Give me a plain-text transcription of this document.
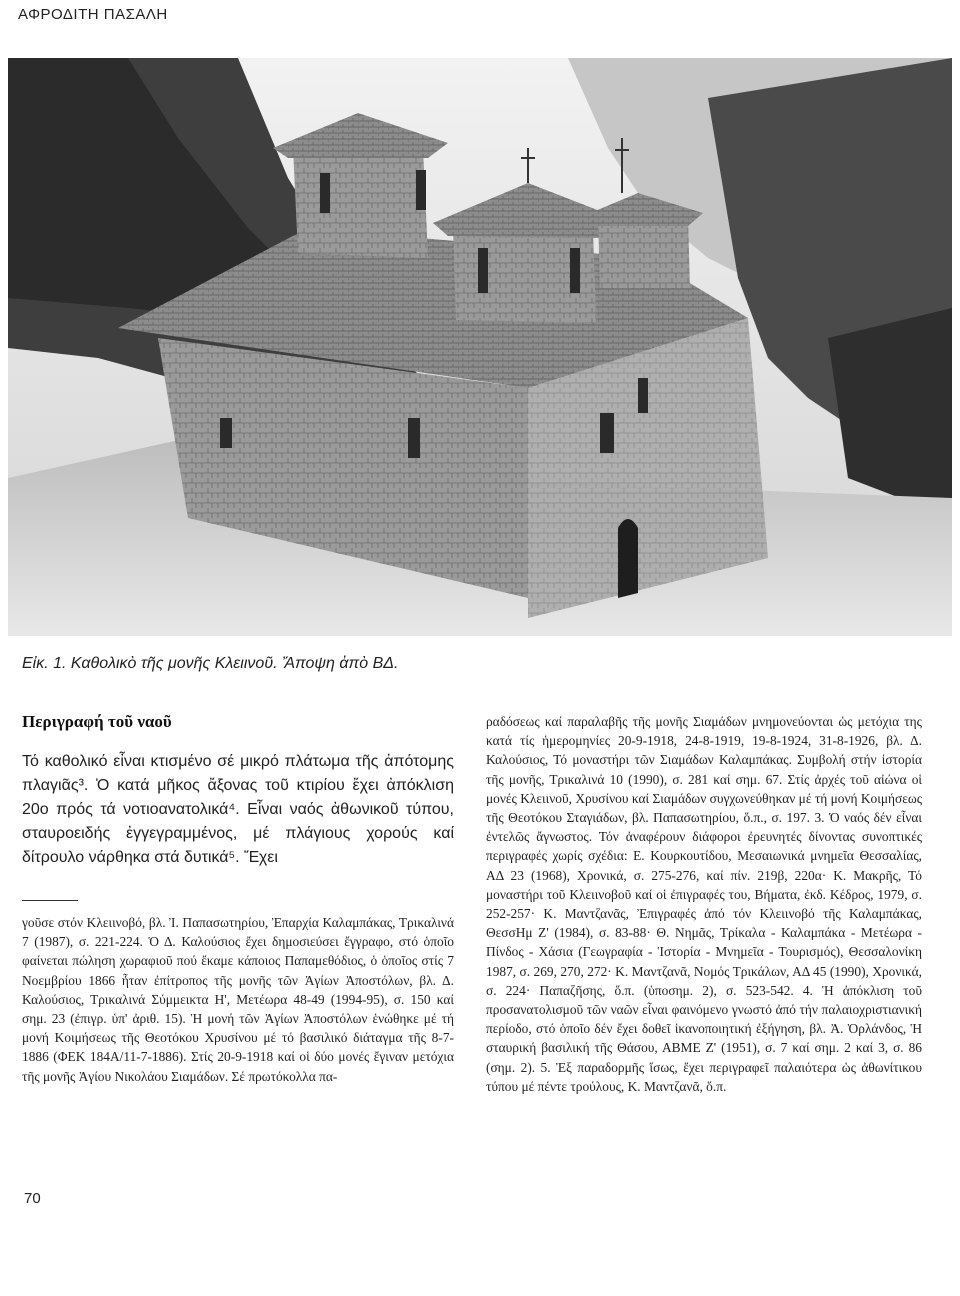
ΑΦΡΟΔΙΤΗ ΠΑΣΑΛΗ
Εἰκ. 1. Καθολικὸ τῆς μονῆς Κλειινοῦ. Ἄποψη ἀπὸ ΒΔ.
Περιγραφή τοῦ ναοῦ

Τό καθολικό εἶναι κτισμένο σέ μικρό πλάτωμα τῆς ἀπότομης πλαγιᾶς³. Ὁ κατά μῆκος ἄξονας τοῦ κτιρίου ἔχει ἀπόκλιση 20ο πρός τά νοτιοανατολικά⁴. Εἶναι ναός ἀθωνικοῦ τύπου, σταυροειδής ἐγγεγραμμένος, μέ πλάγιους χορούς καί δίτρουλο νάρθηκα στά δυτικά⁵. Ἔχει

γοῦσε στόν Κλειινοβό, βλ. Ἰ. Παπασωτηρίου, Ἐπαρχία Καλαμπάκας, Τρικαλινά 7 (1987), σ. 221-224. Ὁ Δ. Καλούσιος ἔχει δημοσιεύσει ἔγγραφο, στό ὁποῖο φαίνεται πώληση χωραφιοῦ πού ἔκαμε κάποιος Παπαμεθόδιος, ὁ ὁποῖος στίς 7 Νοεμβρίου 1866 ἦταν ἐπίτροπος τῆς μονῆς τῶν Ἁγίων Ἀποστόλων, βλ. Δ. Καλούσιος, Τρικαλινά Σύμμεικτα Η', Μετέωρα 48-49 (1994-95), σ. 150 καί σημ. 23 (ἐπιγρ. ὑπ' ἀριθ. 15). Ἡ μονή τῶν Ἁγίων Ἀποστόλων ἑνώθηκε μέ τή μονή Κοιμήσεως τῆς Θεοτόκου Χρυσίνου μέ τό βασιλικό διάταγμα τῆς 8-7-1886 (ΦΕΚ 184Α/11-7-1886). Στίς 20-9-1918 καί οἱ δύο μονές ἔγιναν μετόχια τῆς μονῆς Ἁγίου Νικολάου Σιαμάδων. Σέ πρωτόκολλα πα-

ραδόσεως καί παραλαβῆς τῆς μονῆς Σιαμάδων μνημονεύονται ὡς μετόχια της κατά τίς ἡμερομηνίες 20-9-1918, 24-8-1919, 19-8-1924, 31-8-1926, βλ. Δ. Καλούσιος, Τό μοναστήρι τῶν Σιαμάδων Καλαμπάκας. Συμβολή στήν ἱστορία τῆς μονῆς, Τρικαλινά 10 (1990), σ. 281 καί σημ. 67. Στίς ἀρχές τοῦ αἰώνα οἱ μονές Κλειινοῦ, Χρυσίνου καί Σιαμάδων συγχωνεύθηκαν μέ τή μονή Κοιμήσεως τῆς Θεοτόκου Σταγιάδων, βλ. Παπασωτηρίου, ὅ.π., σ. 197. 3. Ὁ ναός δέν εἶναι ἐντελῶς ἄγνωστος. Τόν ἀναφέρουν διάφοροι ἐρευνητές δίνοντας συνοπτικές περιγραφές χωρίς σχέδια: Ε. Κουρκουτίδου, Μεσαιωνικά μνημεῖα Θεσσαλίας, ΑΔ 23 (1968), Χρονικά, σ. 275-276, καί πίν. 219β, 220α· Κ. Μακρῆς, Τό μοναστήρι τοῦ Κλειινοβοῦ καί οἱ ἐπιγραφές του, Βήματα, ἐκδ. Κέδρος, 1979, σ. 252-257· Κ. Μαντζανᾶς, Ἐπιγραφές ἀπό τόν Κλειινοβό τῆς Καλαμπάκας, ΘεσσΗμ Ζ' (1984), σ. 83-88· Θ. Νημᾶς, Τρίκαλα - Καλαμπάκα - Μετέωρα - Πίνδος - Χάσια (Γεωγραφία - Ἱστορία - Μνημεῖα - Τουρισμός), Θεσσαλονίκη 1987, σ. 269, 270, 272· Κ. Μαντζανᾶ, Νομός Τρικάλων, ΑΔ 45 (1990), Χρονικά, σ. 224· Παπαζῆσης, ὅ.π. (ὑποσημ. 2), σ. 523-542. 4. Ἡ ἀπόκλιση τοῦ προσανατολισμοῦ τῶν ναῶν εἶναι φαινόμενο γνωστό ἀπό τήν παλαιοχριστιανική περίοδο, στό ὁποῖο δέν ἔχει δοθεῖ ἱκανοποιητική ἐξήγηση, βλ. Ἀ. Ὀρλάνδος, Ἡ σταυρική βασιλική τῆς Θάσου, ΑΒΜΕ Ζ' (1951), σ. 7 καί σημ. 2 καί 3, σ. 86 (σημ. 2). 5. Ἐξ παραδορμῆς ἴσως, ἔχει περιγραφεῖ παλαιότερα ὡς ἀθωνίτικου τύπου μέ πέντε τρούλους, Κ. Μαντζανᾶ, ὅ.π.

70
